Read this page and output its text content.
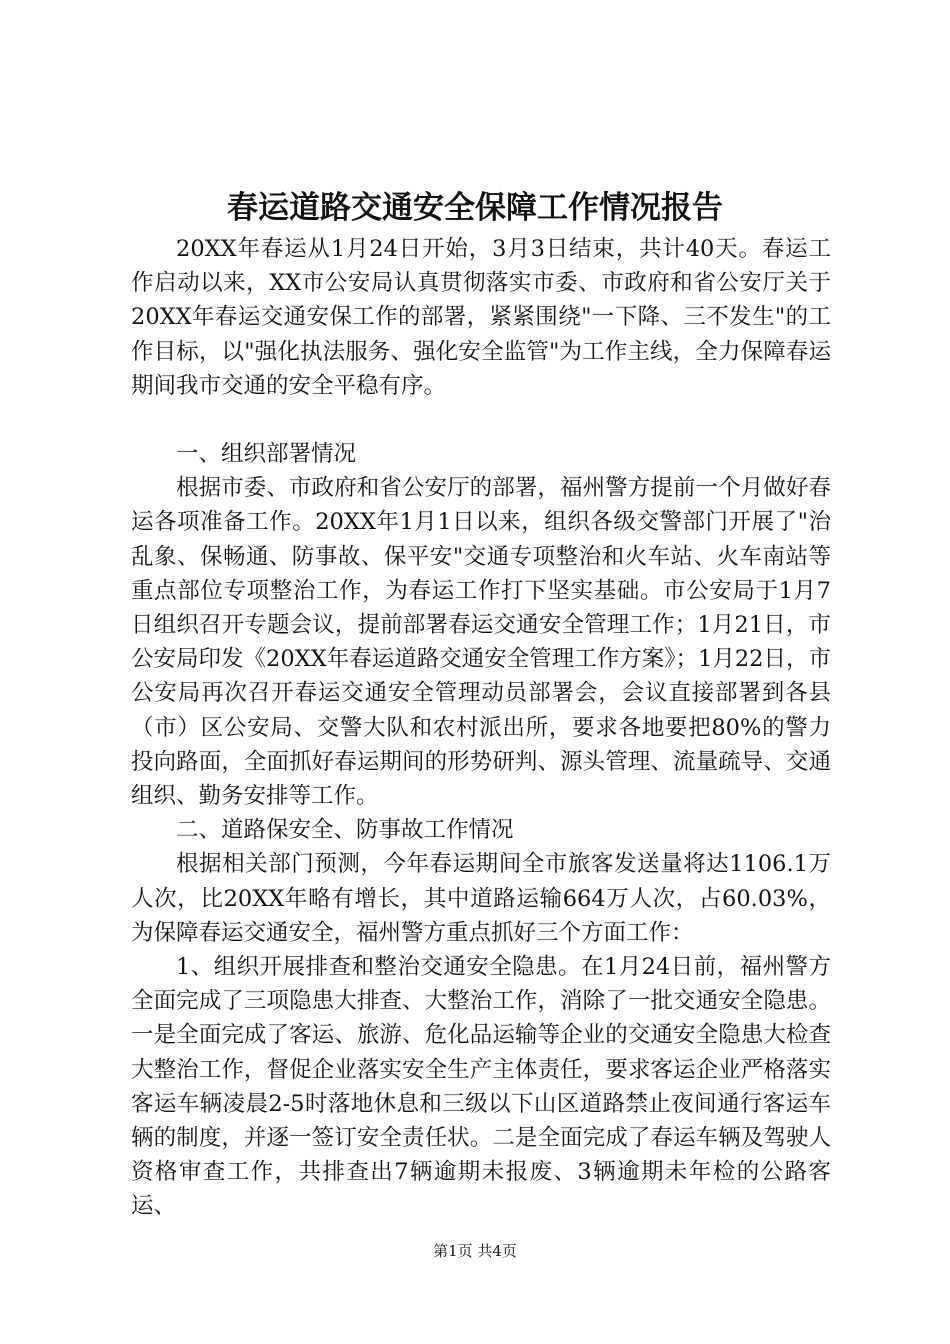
春运道路交通安全保障工作情况报告

20XX年春运从1月24日开始，3月3日结束，共计40天。春运工作启动以来，XX市公安局认真贯彻落实市委、市政府和省公安厅关于20XX年春运交通安保工作的部署，紧紧围绕"一下降、三不发生"的工作目标，以"强化执法服务、强化安全监管"为工作主线，全力保障春运期间我市交通的安全平稳有序。

一、组织部署情况

根据市委、市政府和省公安厅的部署，福州警方提前一个月做好春运各项准备工作。20XX年1月1日以来，组织各级交警部门开展了"治乱象、保畅通、防事故、保平安"交通专项整治和火车站、火车南站等重点部位专项整治工作，为春运工作打下坚实基础。市公安局于1月7日组织召开专题会议，提前部署春运交通安全管理工作；1月21日，市公安局印发《20XX年春运道路交通安全管理工作方案》；1月22日，市公安局再次召开春运交通安全管理动员部署会，会议直接部署到各县（市）区公安局、交警大队和农村派出所，要求各地要把80%的警力投向路面，全面抓好春运期间的形势研判、源头管理、流量疏导、交通组织、勤务安排等工作。

二、道路保安全、防事故工作情况

根据相关部门预测，今年春运期间全市旅客发送量将达1106.1万人次，比20XX年略有增长，其中道路运输664万人次，占60.03%，为保障春运交通安全，福州警方重点抓好三个方面工作：

1、组织开展排查和整治交通安全隐患。在1月24日前，福州警方全面完成了三项隐患大排查、大整治工作，消除了一批交通安全隐患。一是全面完成了客运、旅游、危化品运输等企业的交通安全隐患大检查大整治工作，督促企业落实安全生产主体责任，要求客运企业严格落实客运车辆凌晨2-5时落地休息和三级以下山区道路禁止夜间通行客运车辆的制度，并逐一签订安全责任状。二是全面完成了春运车辆及驾驶人资格审查工作，共排查出7辆逾期未报废、3辆逾期未年检的公路客运、

第1页 共4页
